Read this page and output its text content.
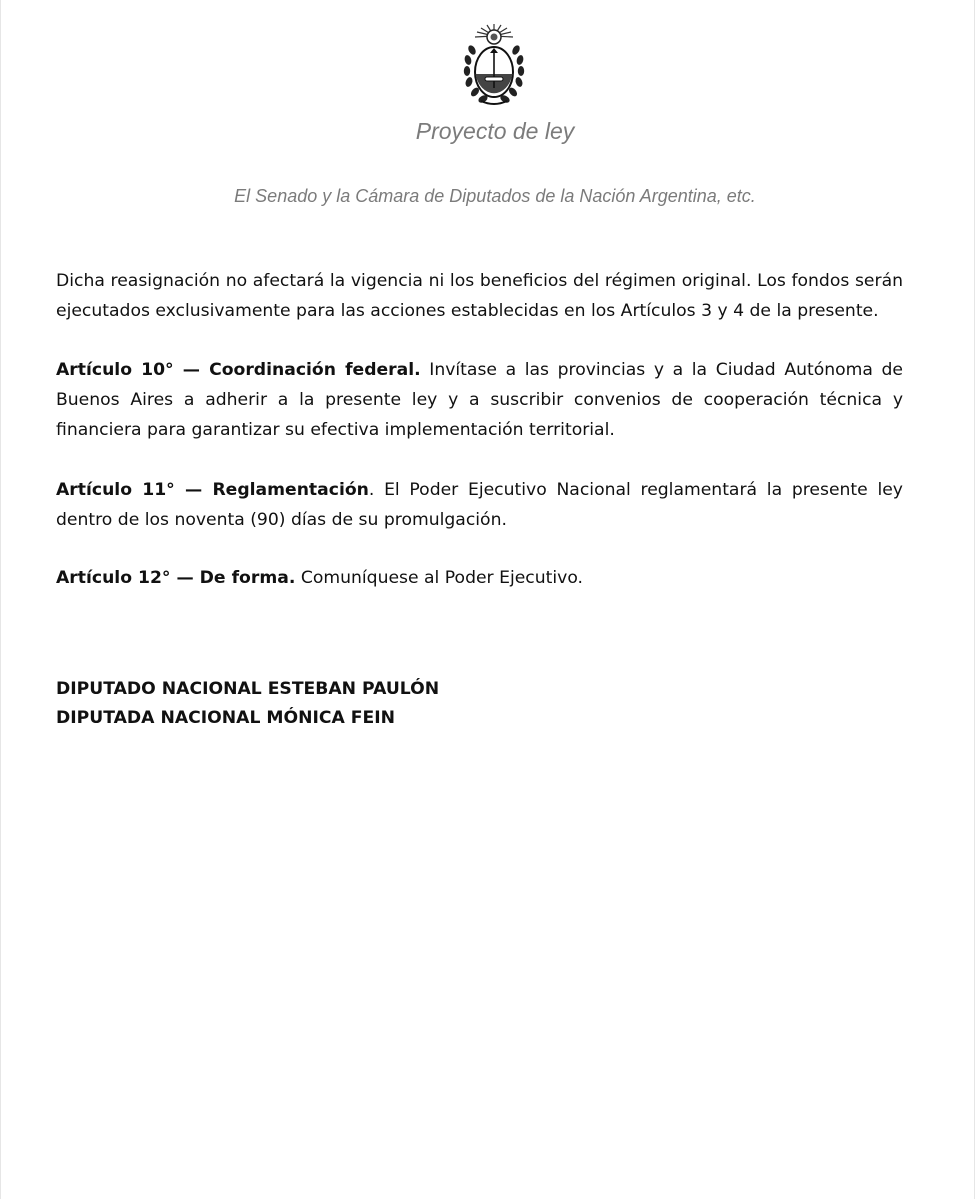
Proyecto de ley
El Senado y la Cámara de Diputados de la Nación Argentina, etc.

Dicha reasignación no afectará la vigencia ni los beneficios del régimen original. Los fondos serán ejecutados exclusivamente para las acciones establecidas en los Artículos 3 y 4 de la presente.

Artículo 10° — Coordinación federal. Invítase a las provincias y a la Ciudad Autónoma de Buenos Aires a adherir a la presente ley y a suscribir convenios de cooperación técnica y financiera para garantizar su efectiva implementación territorial.

Artículo 11° — Reglamentación. El Poder Ejecutivo Nacional reglamentará la presente ley dentro de los noventa (90) días de su promulgación.

Artículo 12° — De forma. Comuníquese al Poder Ejecutivo.

DIPUTADO NACIONAL ESTEBAN PAULÓN
DIPUTADA NACIONAL MÓNICA FEIN
